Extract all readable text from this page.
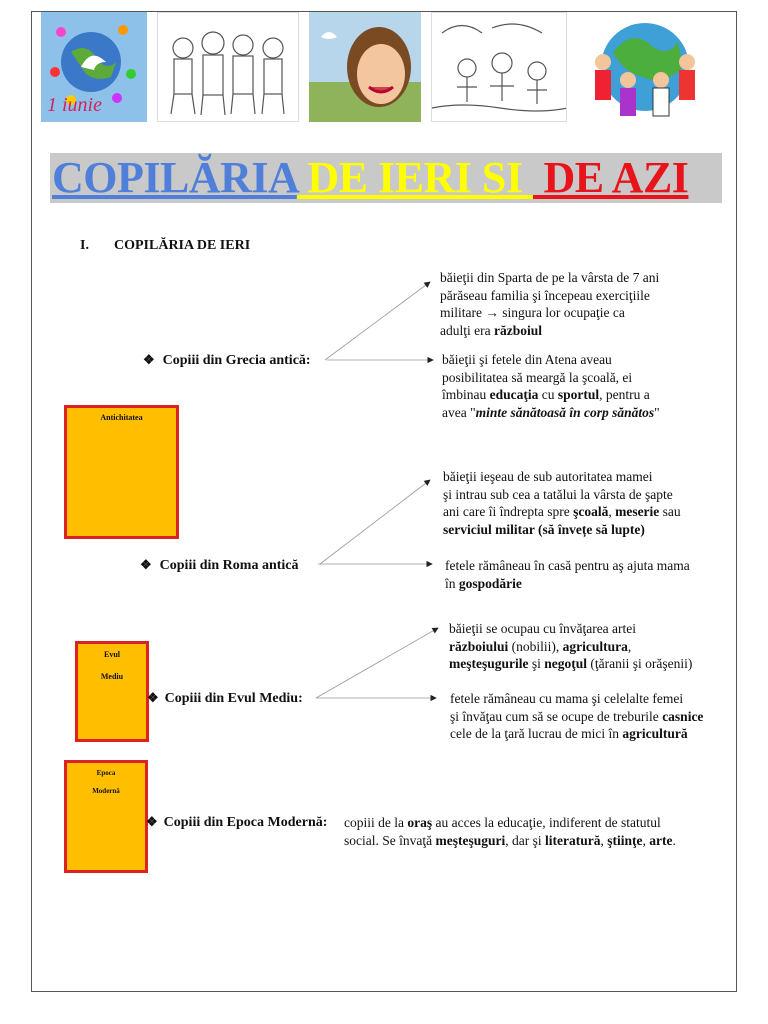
1 iunie
COPILĂRIA DE IERI SI  DE AZI
I. COPILĂRIA DE IERI
Antichitatea
Evul
Mediu
Epoca
Modernă
❖ Copiii din Grecia antică:
băieţii din Sparta de pe la vârsta de 7 ani
părăseau familia şi începeau exerciţiile
militare → singura lor ocupaţie ca
adulţi era războiul
băieţii şi fetele din Atena aveau
posibilitatea să meargă la şcoală, ei
îmbinau educaţia cu sportul, pentru a
avea "minte sănătoasă în corp sănătos"
❖ Copiii din Roma antică
băieţii ieşeau de sub autoritatea mamei
şi intrau sub cea a tatălui la vârsta de şapte
ani care îi îndrepta spre şcoală, meserie sau
serviciul militar (să învețe să lupte)
fetele rămâneau în casă pentru aş ajuta mama
în gospodărie
❖ Copiii din Evul Mediu:
băieţii se ocupau cu învăţarea artei
războiului (nobilii), agricultura,
meşteşugurile şi negoţul (ţăranii şi orăşenii)
fetele rămâneau cu mama şi celelalte femei
şi învăţau cum să se ocupe de treburile casnice
cele de la ţară lucrau de mici în agricultură
❖ Copiii din Epoca Modernă: copiii de la oraş au acces la educaţie, indiferent de statutul
social. Se învaţă meşteşuguri, dar şi literatură, ştiinţe, arte.
